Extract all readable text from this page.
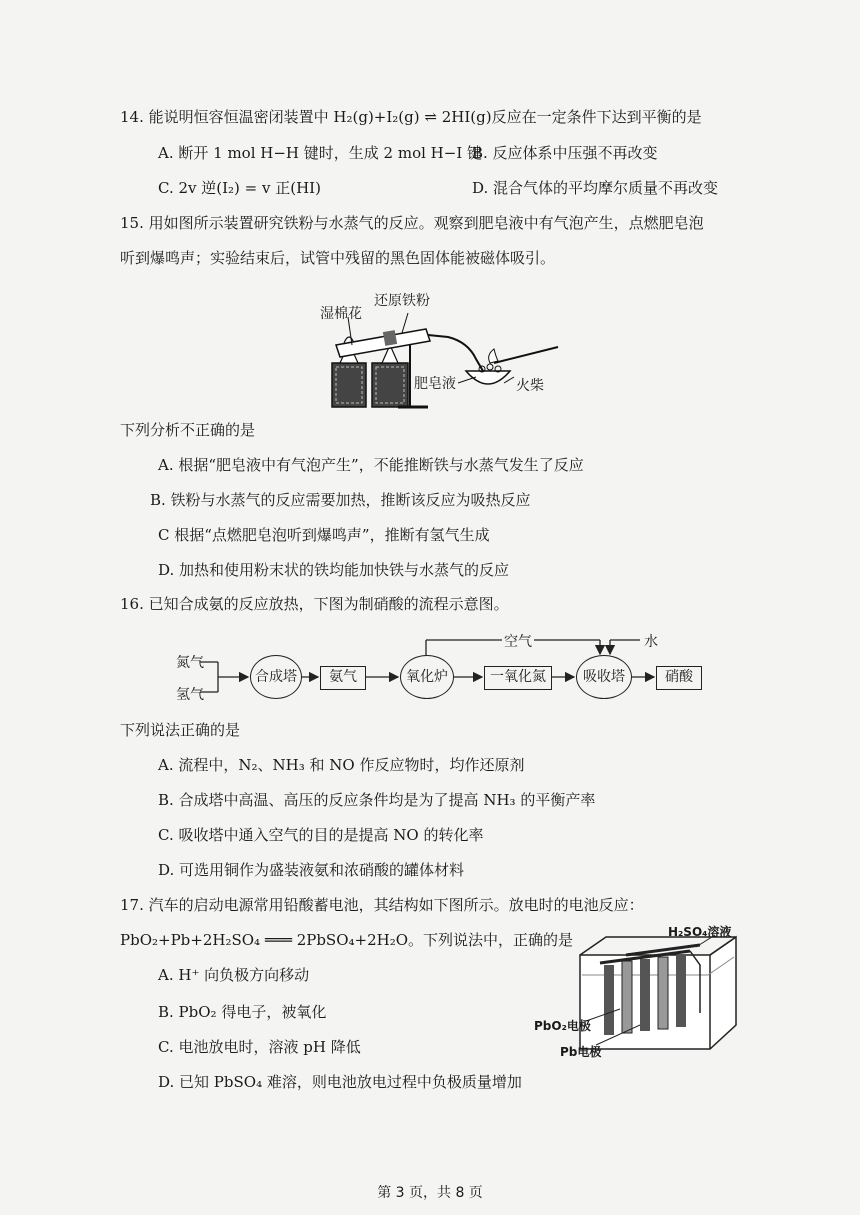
14. 能说明恒容恒温密闭装置中 H₂(g)+I₂(g) ⇌ 2HI(g)反应在一定条件下达到平衡的是
A. 断开 1 mol H−H 键时，生成 2 mol H−I 键
B. 反应体系中压强不再改变
C. 2v 逆(I₂) = v 正(HI)	D. 混合气体的平均摩尔质量不再改变
15. 用如图所示装置研究铁粉与水蒸气的反应。观察到肥皂液中有气泡产生，点燃肥皂泡
听到爆鸣声；实验结束后，试管中残留的黑色固体能被磁体吸引。
湿棉花
还原铁粉
肥皂液	火柴
下列分析不正确的是
A. 根据“肥皂液中有气泡产生”，不能推断铁与水蒸气发生了反应
B. 铁粉与水蒸气的反应需要加热，推断该反应为吸热反应
C 根据“点燃肥皂泡听到爆鸣声”，推断有氢气生成
D. 加热和使用粉末状的铁均能加快铁与水蒸气的反应
16. 已知合成氨的反应放热，下图为制硝酸的流程示意图。
氮气
氢气
合成塔	氨气	氧化炉	一氧化氮	吸收塔	硝酸
空气	水
下列说法正确的是
A. 流程中，N₂、NH₃ 和 NO 作反应物时，均作还原剂
B. 合成塔中高温、高压的反应条件均是为了提高 NH₃ 的平衡产率
C. 吸收塔中通入空气的目的是提高 NO 的转化率
D. 可选用铜作为盛装液氨和浓硝酸的罐体材料
17. 汽车的启动电源常用铅酸蓄电池，其结构如下图所示。放电时的电池反应：
PbO₂+Pb+2H₂SO₄ ═══ 2PbSO₄+2H₂O。下列说法中，正确的是
A. H⁺ 向负极方向移动
B. PbO₂ 得电子，被氧化
C. 电池放电时，溶液 pH 降低
D. 已知 PbSO₄ 难溶，则电池放电过程中负极质量增加
H₂SO₄溶液
PbO₂电极
Pb电极
第 3 页，共 8 页
